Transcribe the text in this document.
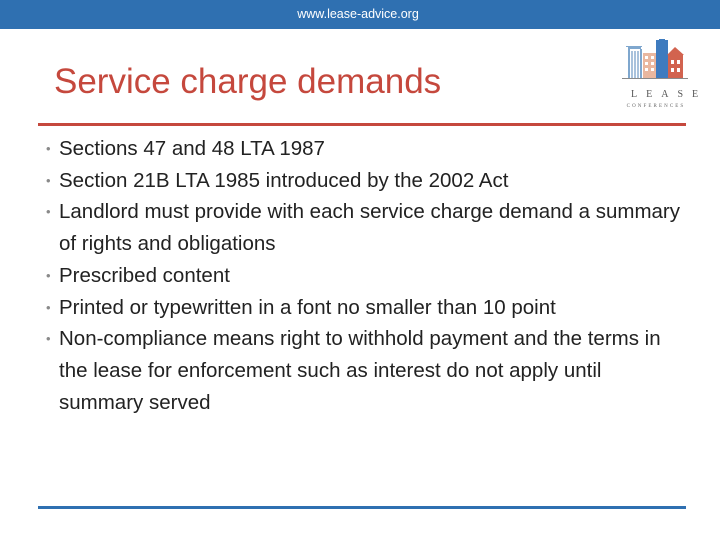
www.lease-advice.org
LEASE
CONFERENCES
Service charge demands
• Sections 47 and 48 LTA 1987
• Section 21B LTA 1985 introduced by the 2002 Act
• Landlord must provide with each service charge demand a summary of rights and obligations
• Prescribed content
• Printed or typewritten in a font no smaller than 10 point
• Non-compliance means right to withhold payment and the terms in the lease for enforcement such as interest do not apply until summary served
